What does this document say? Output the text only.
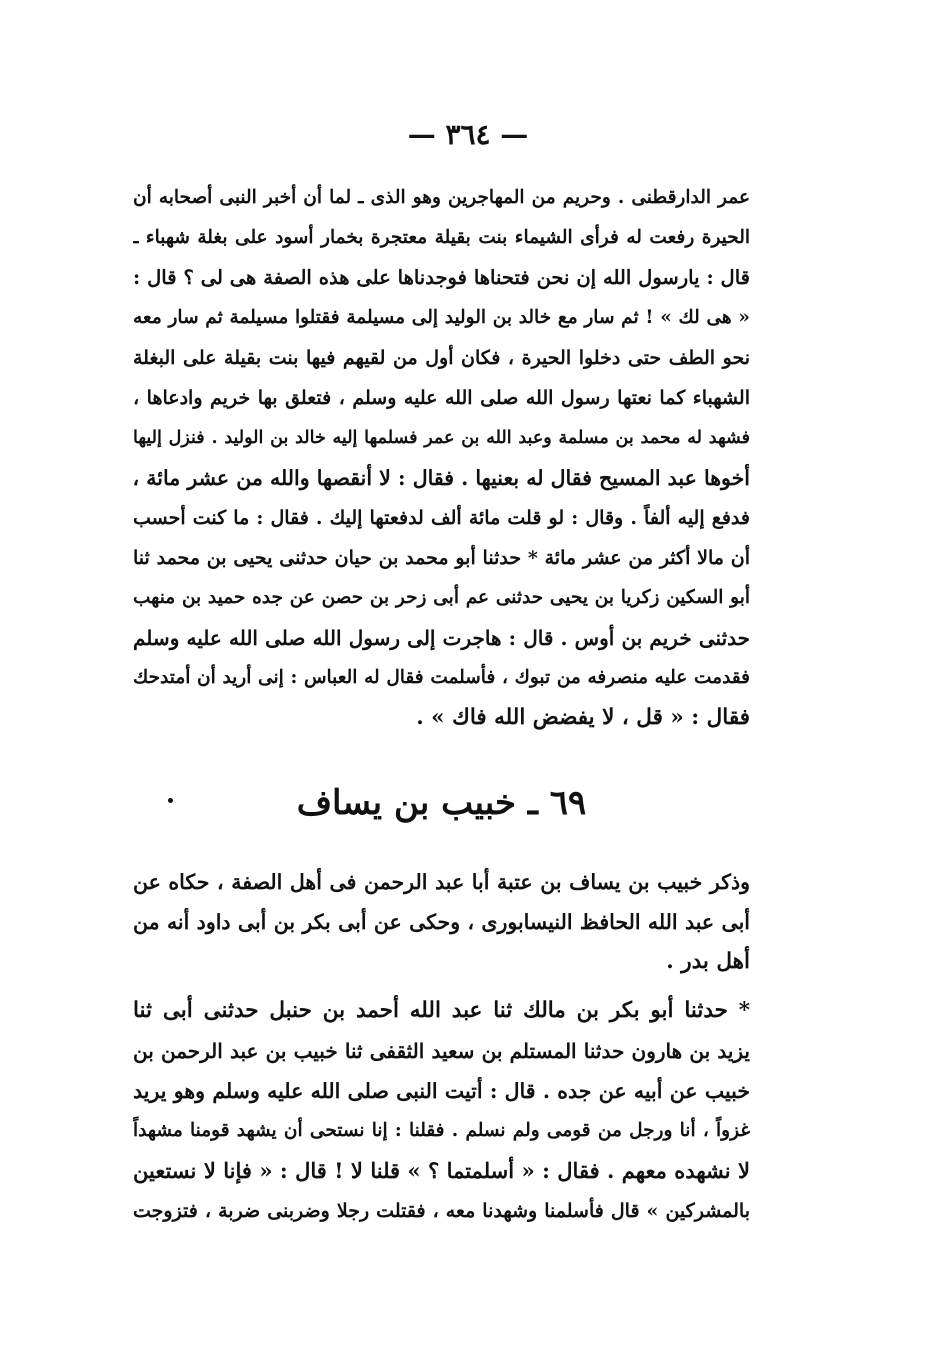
— ٣٦٤ —
عمر الدارقطنى . وحريم من المهاجرين وهو الذى ـ لما أن أخبر النبى أصحابه أن
الحيرة رفعت له فرأى الشيماء بنت بقيلة معتجرة بخمار أسود على بغلة شهباء ـ
قال : يارسول الله إن نحن فتحناها فوجدناها على هذه الصفة هى لى ؟ قال :
« هى لك » ! ثم سار مع خالد بن الوليد إلى مسيلمة فقتلوا مسيلمة ثم سار معه
نحو الطف حتى دخلوا الحيرة ، فكان أول من لقيهم فيها بنت بقيلة على البغلة
الشهباء كما نعتها رسول الله صلى الله عليه وسلم ، فتعلق بها خريم وادعاها ،
فشهد له محمد بن مسلمة وعبد الله بن عمر فسلمها إليه خالد بن الوليد . فنزل إليها
أخوها عبد المسيح فقال له بعنيها . فقال : لا أنقصها والله من عشر مائة ،
فدفع إليه ألفاً . وقال : لو قلت مائة ألف لدفعتها إليك . فقال : ما كنت أحسب
أن مالا أكثر من عشر مائة * حدثنا أبو محمد بن حيان حدثنى يحيى بن محمد ثنا
أبو السكين زكريا بن يحيى حدثنى عم أبى زحر بن حصن عن جده حميد بن منهب
حدثنى خريم بن أوس . قال : هاجرت إلى رسول الله صلى الله عليه وسلم
فقدمت عليه منصرفه من تبوك ، فأسلمت فقال له العباس : إنى أريد أن أمتدحك
فقال : « قل ، لا يفضض الله فاك » .
٦٩ ـ خبيب بن يساف
وذكر خبيب بن يساف بن عتبة أبا عبد الرحمن فى أهل الصفة ، حكاه عن
أبى عبد الله الحافظ النيسابورى ، وحكى عن أبى بكر بن أبى داود أنه من
أهل بدر .
* حدثنا أبو بكر بن مالك ثنا عبد الله أحمد بن حنبل حدثنى أبى ثنا
يزيد بن هارون حدثنا المستلم بن سعيد الثقفى ثنا خبيب بن عبد الرحمن بن
خبيب عن أبيه عن جده . قال : أتيت النبى صلى الله عليه وسلم وهو يريد
غزواً ، أنا ورجل من قومى ولم نسلم . فقلنا : إنا نستحى أن يشهد قومنا مشهداً
لا نشهده معهم . فقال : « أسلمتما ؟ » قلنا لا ! قال : « فإنا لا نستعين
بالمشركين » قال فأسلمنا وشهدنا معه ، فقتلت رجلا وضربنى ضربة ، فتزوجت
